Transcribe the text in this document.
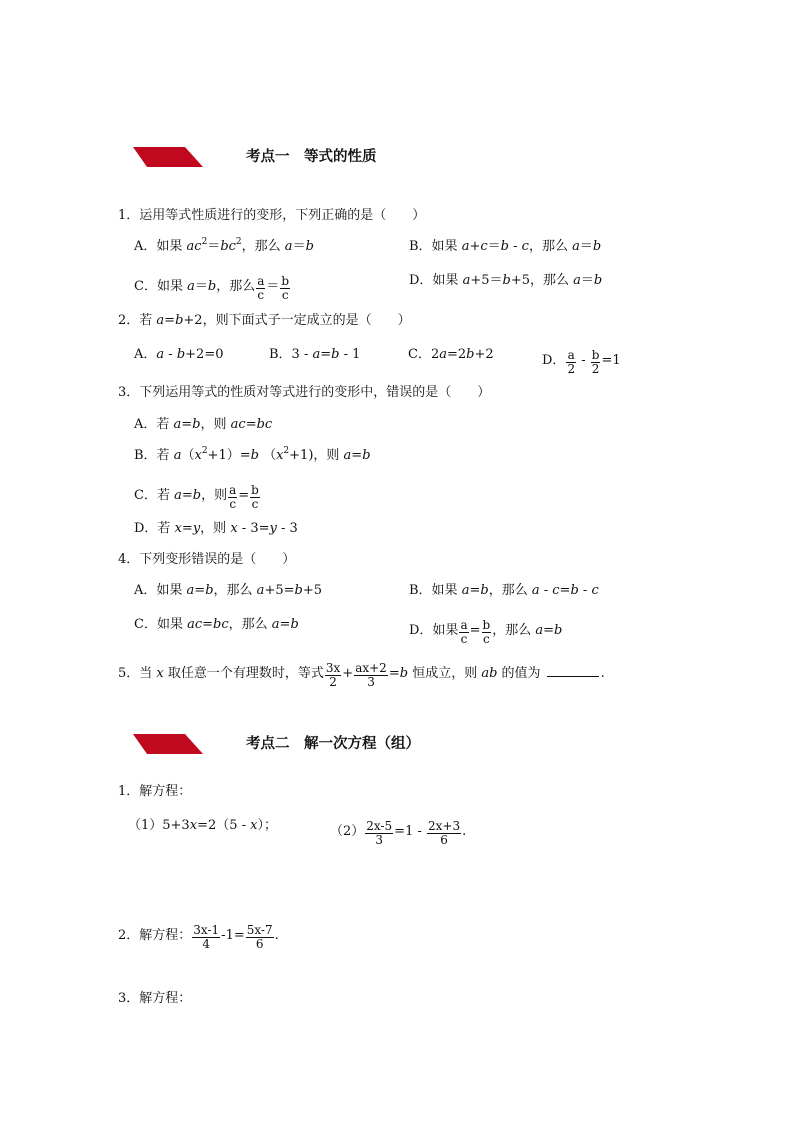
考点一　等式的性质
1．运用等式性质进行的变形，下列正确的是（　　）
A．如果 $ac^2=bc^2$，那么 a＝b	B．如果 a+c＝b - c，那么 a＝b
C．如果 a＝b，那么 $\frac{a}{c} = \frac{b}{c}$	D．如果 a+5＝b+5，那么 a＝b
2．若 a=b+2，则下面式子一定成立的是（　　）
A．a - b+2=0	B．3 - a=b - 1	C．2a=2b+2	D． $\frac{a}{2} - \frac{b}{2} =1$
3．下列运用等式的性质对等式进行的变形中，错误的是（　　）
A．若 a=b，则 ac=bc
B．若 $a(x^2+1)=b$ $(x^2+1)$，则 a=b
C．若 a=b，则 $\frac{a}{c} = \frac{b}{c}$
D．若 x=y，则 x - 3=y - 3
4．下列变形错误的是（　　）
A．如果 a=b，那么 a+5=b+5	B．如果 a=b，那么 a - c=b - c
C．如果 ac=bc，那么 a=b	D．如果 $\frac{a}{c} = \frac{b}{c}$ ，那么 a=b
5．当 x 取任意一个有理数时，等式 $\frac{3x}{2} + \frac{ax+2}{3} =b$ 恒成立，则 ab 的值为	.
考点二　解一次方程（组）
1．解方程：
（1）5+3x=2（5 - x）；	$(2) \frac{2x-5}{3} =1 - \frac{2x+3}{6}$ .
2．解方程： $\frac{3x-1}{4} -1= \frac{5x-7}{6}$ .
3．解方程：
